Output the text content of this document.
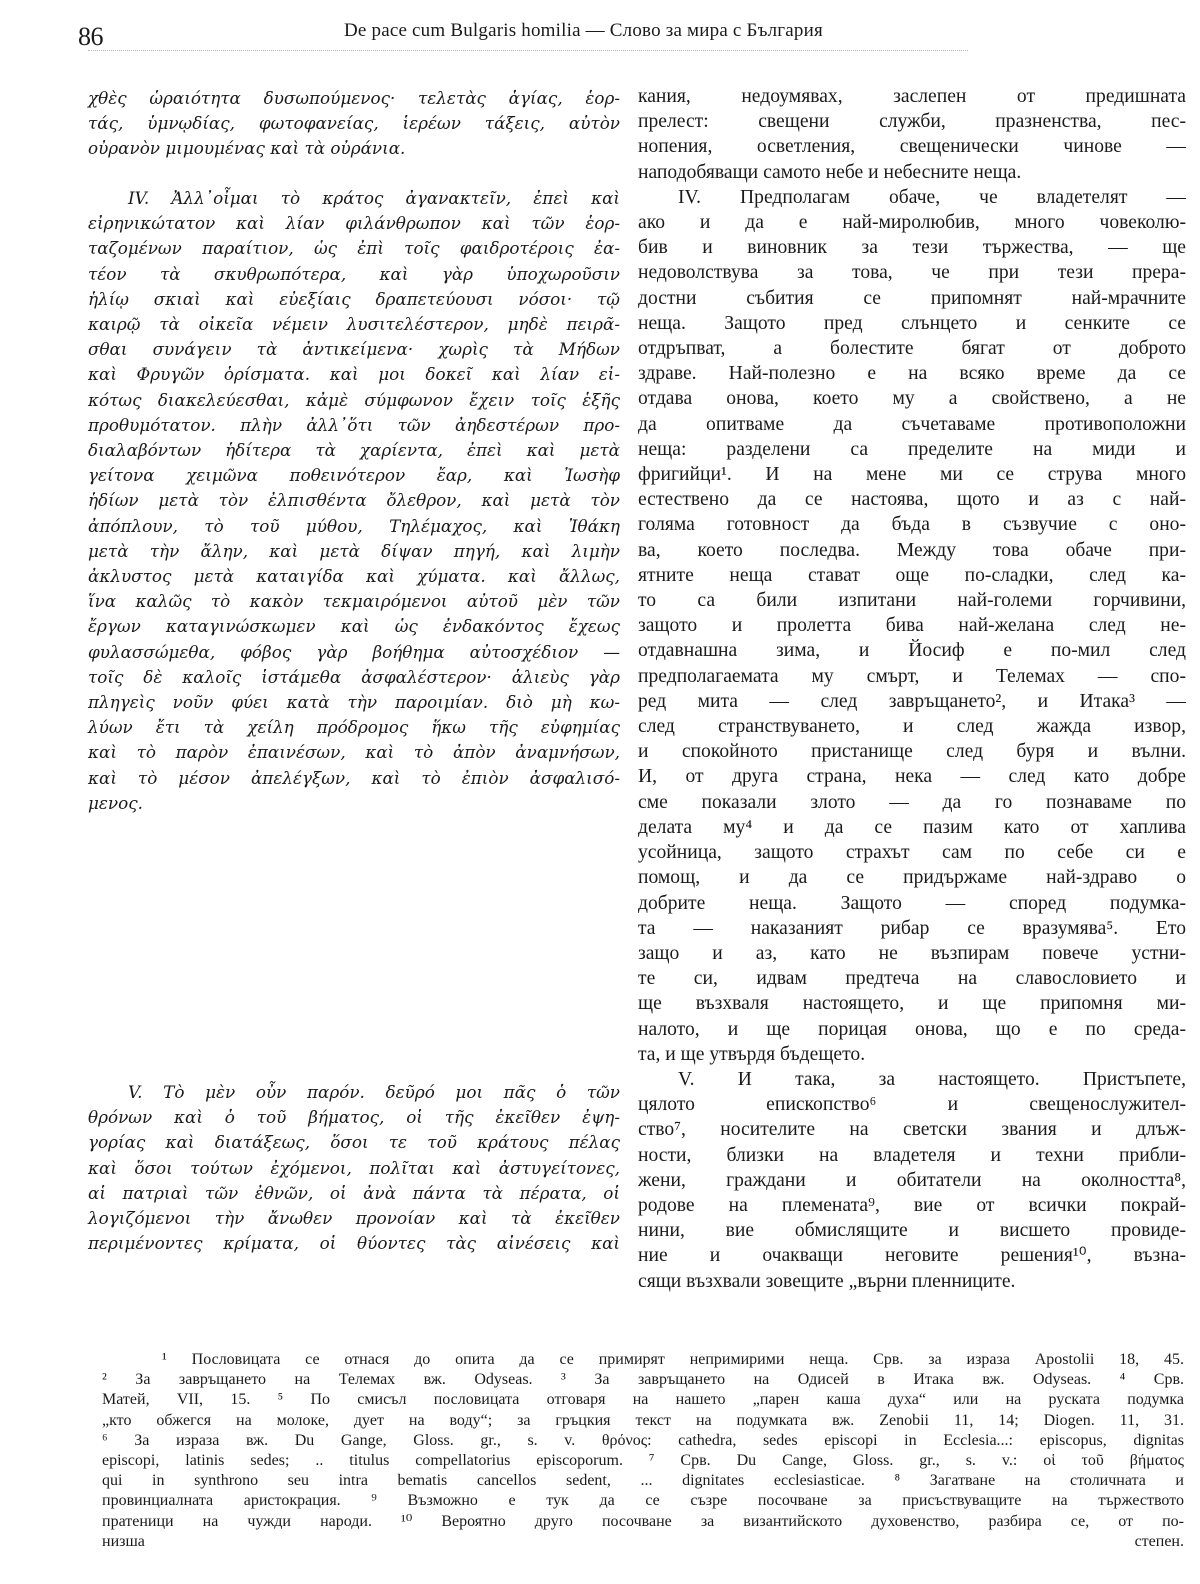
86	De pace cum Bulgaris homilia — Слово за мира с България
χθὲς ὡραιότητα δυσωπούμενος· τελετὰς ἁγίας, ἑορ-
τάς, ὑμνῳδίας, φωτοφανείας, ἱερέων τάξεις, αὐτὸν
οὐρανὸν μιμουμένας καὶ τὰ οὐράνια.
IV. Ἀλλ᾽οἶμαι τὸ κράτος ἀγανακτεῖν, ἐπεὶ καὶ
εἰρηνικώτατον καὶ λίαν φιλάνθρωπον καὶ τῶν ἑορ-
ταζομένων παραίτιον, ὡς ἐπὶ τοῖς φαιδροτέροις ἐα-
τέον τὰ σκυθρωπότερα, καὶ γὰρ ὑποχωροῦσιν
ἡλίῳ σκιαὶ καὶ εὐεξίαις δραπετεύουσι νόσοι· τῷ
καιρῷ τὰ οἰκεῖα νέμειν λυσιτελέστερον, μηδὲ πειρᾶ-
σθαι συνάγειν τὰ ἀντικείμενα· χωρὶς τὰ Μήδων
καὶ Φρυγῶν ὁρίσματα. καὶ μοι δοκεῖ καὶ λίαν εἰ-
κότως διακελεύεσθαι, κἀμὲ σύμφωνον ἔχειν τοῖς ἑξῆς
προθυμότατον. πλὴν ἀλλ᾽ὅτι τῶν ἀηδεστέρων προ-
διαλαβόντων ἡδίτερα τὰ χαρίεντα, ἐπεὶ καὶ μετὰ
γείτονα χειμῶνα ποθεινότερον ἔαρ, καὶ Ἰωσὴφ
ἡδίων μετὰ τὸν ἐλπισθέντα ὄλεθρον, καὶ μετὰ τὸν
ἀπόπλουν, τὸ τοῦ μύθου, Τηλέμαχος, καὶ Ἰθάκη
μετὰ τὴν ἄλην, καὶ μετὰ δίψαν πηγή, καὶ λιμὴν
ἀκλυστος μετὰ καταιγίδα καὶ χύματα. καὶ ἄλλως,
ἵνα καλῶς τὸ κακὸν τεκμαιρόμενοι αὐτοῦ μὲν τῶν
ἔργων καταγινώσκωμεν καὶ ὡς ἐνδακόντος ἔχεως
φυλασσώμεθα, φόβος γὰρ βοήθημα αὐτοσχέδιον —
τοῖς δὲ καλοῖς ἱστάμεθα ἀσφαλέστερον· ἁλιεὺς γὰρ
πληγεὶς νοῦν φύει κατὰ τὴν παροιμίαν. διὸ μὴ κω-
λύων ἔτι τὰ χείλη πρόδρομος ἥκω τῆς εὐφημίας
καὶ τὸ παρὸν ἐπαινέσων, καὶ τὸ ἀπὸν ἀναμνήσων,
καὶ τὸ μέσον ἀπελέγξων, καὶ τὸ ἐπιὸν ἀσφαλισό-
μενος.
V. Τὸ μὲν οὖν παρόν. δεῦρό μοι πᾶς ὁ τῶν
θρόνων καὶ ὁ τοῦ βήματος, οἱ τῆς ἐκεῖθεν ἐψη-
γορίας καὶ διατάξεως, ὅσοι τε τοῦ κράτους πέλας
καὶ ὅσοι τούτων ἐχόμενοι, πολῖται καὶ ἀστυγείτονες,
αἱ πατριαὶ τῶν ἐθνῶν, οἱ ἀνὰ πάντα τὰ πέρατα, οἱ
λογιζόμενοι τὴν ἄνωθεν προνοίαν καὶ τὰ ἐκεῖθεν
περιμένοντες κρίματα, οἱ θύοντες τὰς αἰνέσεις καὶ
кания, недоумявах, заслепен от предишната
прелест: свещени служби, празненства, пес-
нопения, осветления, свещенически чинове —
наподобяващи самото небе и небесните неща.
IV. Предполагам обаче, че владетелят —
ако и да е най-миролюбив, много човеколю-
бив и виновник за тези тържества, — ще
недоволствува за това, че при тези прера-
достни събития се припомнят най-мрачните
неща. Защото пред слънцето и сенките се
отдръпват, а болестите бягат от доброто
здраве. Най-полезно е на всяко време да се
отдава онова, което му а свойствено, а не
да опитваме да съчетаваме противоположни
неща: разделени са пределите на миди и
фригийци¹. И на мене ми се струва много
естествено да се настоява, щото и аз с най-
голяма готовност да бъда в съзвучие с оно-
ва, което последва. Между това обаче при-
ятните неща стават още по-сладки, след ка-
то са били изпитани най-големи горчивини,
защото и пролетта бива най-желана след не-
отдавнашна зима, и Йосиф е по-мил след
предполагаемата му смърт, и Телемах — спо-
ред мита — след завръщането², и Итака³ —
след странствуването, и след жажда извор,
и спокойното пристанище след буря и вълни.
И, от друга страна, нека — след като добре
сме показали злото — да го познаваме по
делата му⁴ и да се пазим като от хаплива
усойница, защото страхът сам по себе си е
помощ, и да се придържаме най-здраво о
добрите неща. Защото — според подумка-
та — наказаният рибар се вразумява⁵. Ето
защо и аз, като не възпирам повече устни-
те си, идвам предтеча на славословието и
ще възхваля настоящето, и ще припомня ми-
налото, и ще порицая онова, що е по среда-
та, и ще утвърдя бъдещето.
V. И така, за настоящето. Пристъпете,
цялото епископство⁶ и свещенослужител-
ство⁷, носителите на светски звания и длъж-
ности, близки на владетеля и техни прибли-
жени, граждани и обитатели на околността⁸,
родове на племената⁹, вие от всички покрай-
нини, вие обмислящите и висшето провиде-
ние и очакващи неговите решения¹⁰, възна-
сящи възхвали зовещите „върни пленниците.
¹ Пословицата се отнася до опита да се примирят непримирими неща. Срв. за израза Apostolii 18, 45.
² За завръщането на Телемах вж. Odyseas. ³ За завръщането на Одисей в Итака вж. Odyseas. ⁴ Срв.
Матей, VII, 15. ⁵ По смисъл пословицата отговаря на нашето „парен каша духа“ или на руската подумка
„кто обжегся на молоке, дует на воду“; за гръцкия текст на подумката вж. Zenobii 11, 14; Diogen. 11, 31.
⁶ За израза вж. Du Gange, Gloss. gr., s. v. θρόνος: cathedra, sedes episcopi in Ecclesia...: episcopus, dignitas
episcopi, latinis sedes; .. titulus compellatorius episcoporum. ⁷ Срв. Du Cange, Gloss. gr., s. v.: οἱ τοῦ βήματος
qui in synthrono seu intra bematis cancellos sedent, ... dignitates ecclesiasticae. ⁸ Загатване на столичната и
провинциалната аристокрация. ⁹ Възможно е тук да се съзре посочване за присъствуващите на тържеството
пратеници на чужди народи. ¹⁰ Вероятно друго посочване за византийското духовенство, разбира се, от по-
низша степен.
